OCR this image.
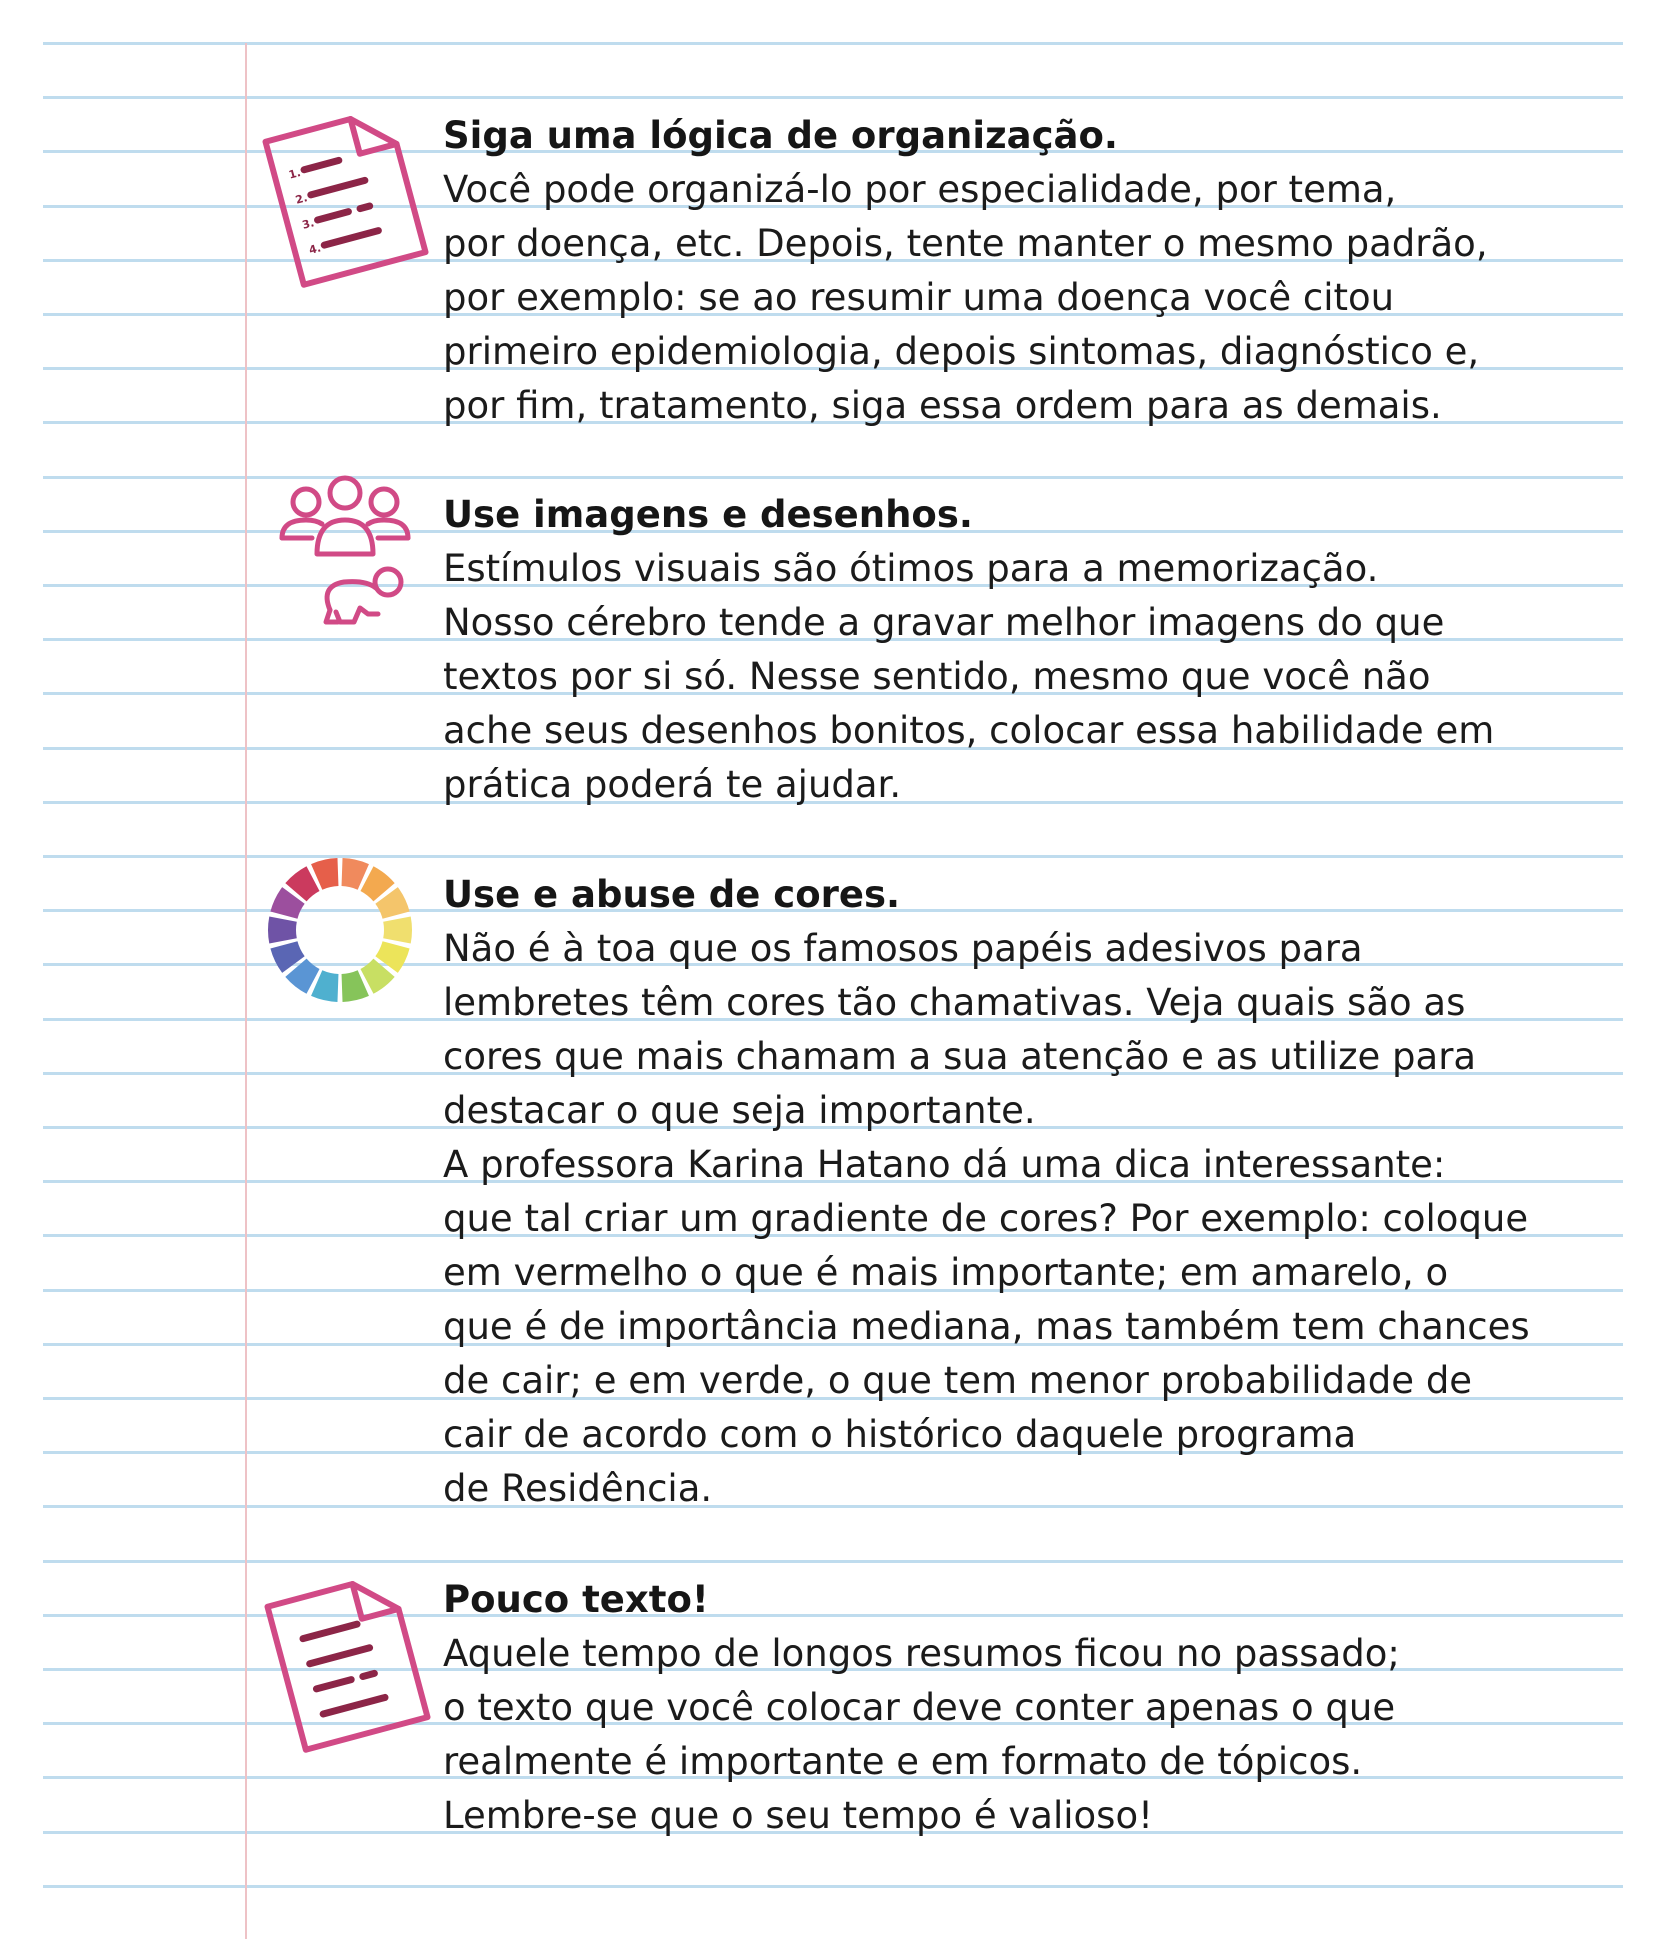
1.
2.
3.
4.
Siga uma lógica de organização.
Você pode organizá-lo por especialidade, por tema,
por doença, etc. Depois, tente manter o mesmo padrão,
por exemplo: se ao resumir uma doença você citou
primeiro epidemiologia, depois sintomas, diagnóstico e,
por fim, tratamento, siga essa ordem para as demais.
Use imagens e desenhos.
Estímulos visuais são ótimos para a memorização.
Nosso cérebro tende a gravar melhor imagens do que
textos por si só. Nesse sentido, mesmo que você não
ache seus desenhos bonitos, colocar essa habilidade em
prática poderá te ajudar.
Use e abuse de cores.
Não é à toa que os famosos papéis adesivos para
lembretes têm cores tão chamativas. Veja quais são as
cores que mais chamam a sua atenção e as utilize para
destacar o que seja importante.
A professora Karina Hatano dá uma dica interessante:
que tal criar um gradiente de cores? Por exemplo: coloque
em vermelho o que é mais importante; em amarelo, o
que é de importância mediana, mas também tem chances
de cair; e em verde, o que tem menor probabilidade de
cair de acordo com o histórico daquele programa
de Residência.
Pouco texto!
Aquele tempo de longos resumos ficou no passado;
o texto que você colocar deve conter apenas o que
realmente é importante e em formato de tópicos.
Lembre-se que o seu tempo é valioso!
